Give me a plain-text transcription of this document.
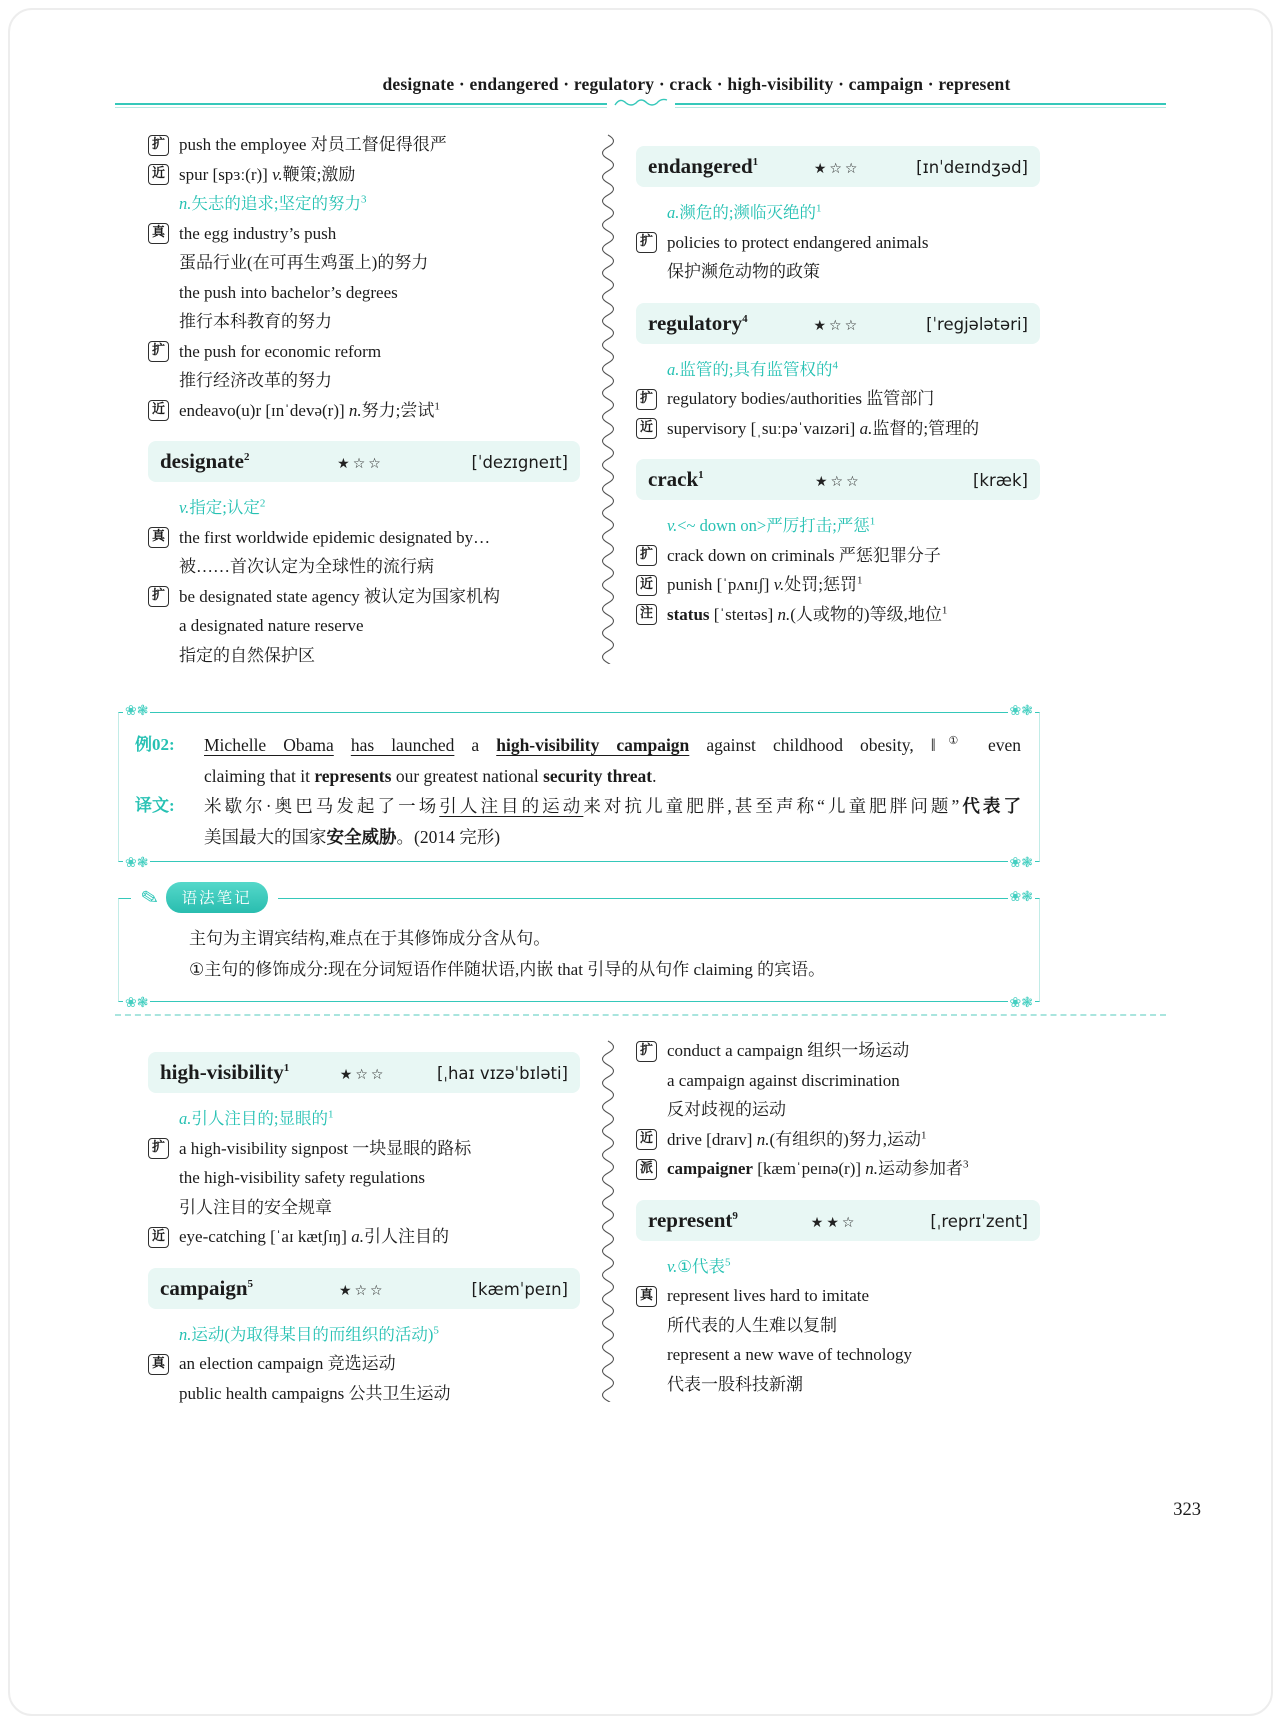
designate · endangered · regulatory · crack · high-visibility · campaign · represent
扩 push the employee 对员工督促得很严
近 spur [spɜː(r)] v.鞭策;激励
n.矢志的追求;坚定的努力$^3$
真 the egg industry’s push
蛋品行业(在可再生鸡蛋上)的努力
the push into bachelor’s degrees
推行本科教育的努力
扩 the push for economic reform
推行经济改革的努力
近 endeavo(u)r [ɪnˈdevə(r)] n.努力;尝试$^1$
designate$^2$	★☆☆	[ˈdezɪgneɪt]
v.指定;认定$^2$
真 the first worldwide epidemic designated by…
被……首次认定为全球性的流行病
扩 be designated state agency 被认定为国家机构
a designated nature reserve
指定的自然保护区
endangered$^1$	★☆☆	[ɪnˈdeɪndʒəd]
a.濒危的;濒临灭绝的$^1$
扩 policies to protect endangered animals
保护濒危动物的政策
regulatory$^4$	★☆☆	[ˈregjələtəri]
a.监管的;具有监管权的$^4$
扩 regulatory bodies/authorities 监管部门
近 supervisory [ˌsuːpəˈvaɪzəri] a.监督的;管理的
crack$^1$	★☆☆	[kræk]
v.<~ down on>严厉打击;严惩$^1$
扩 crack down on criminals 严惩犯罪分子
近 punish [ˈpʌnɪʃ] v.处罚;惩罚$^1$
注 status [ˈsteɪtəs] n.(人或物的)等级,地位$^1$
❀❃	❀❃
❀❃	❀❃
例02: Michelle Obama has launched a high-visibility campaign against childhood obesity, ‖① even
claiming that it represents our greatest national security threat.
译文: 米歇尔·奥巴马发起了一场引人注目的运动来对抗儿童肥胖,甚至声称“儿童肥胖问题”代表了
美国最大的国家安全威胁。(2014 完形)
❀❃
❀❃	❀❃
✎	语法笔记
主句为主谓宾结构,难点在于其修饰成分含从句。
①主句的修饰成分:现在分词短语作伴随状语,内嵌 that 引导的从句作 claiming 的宾语。
high-visibility$^1$	★☆☆	[ˌhaɪ vɪzəˈbɪləti]
a.引人注目的;显眼的$^1$
扩 a high-visibility signpost 一块显眼的路标
the high-visibility safety regulations
引人注目的安全规章
近 eye-catching [ˈaɪ kætʃɪŋ] a.引人注目的
campaign$^5$	★☆☆	[kæmˈpeɪn]
n.运动(为取得某目的而组织的活动)$^5$
真 an election campaign 竞选运动
public health campaigns 公共卫生运动
扩 conduct a campaign 组织一场运动
a campaign against discrimination
反对歧视的运动
近 drive [draɪv] n.(有组织的)努力,运动$^1$
派 campaigner [kæmˈpeɪnə(r)] n.运动参加者$^3$
represent$^9$	★★☆	[ˌreprɪˈzent]
v.①代表$^5$
真 represent lives hard to imitate
所代表的人生难以复制
represent a new wave of technology
代表一股科技新潮
323
